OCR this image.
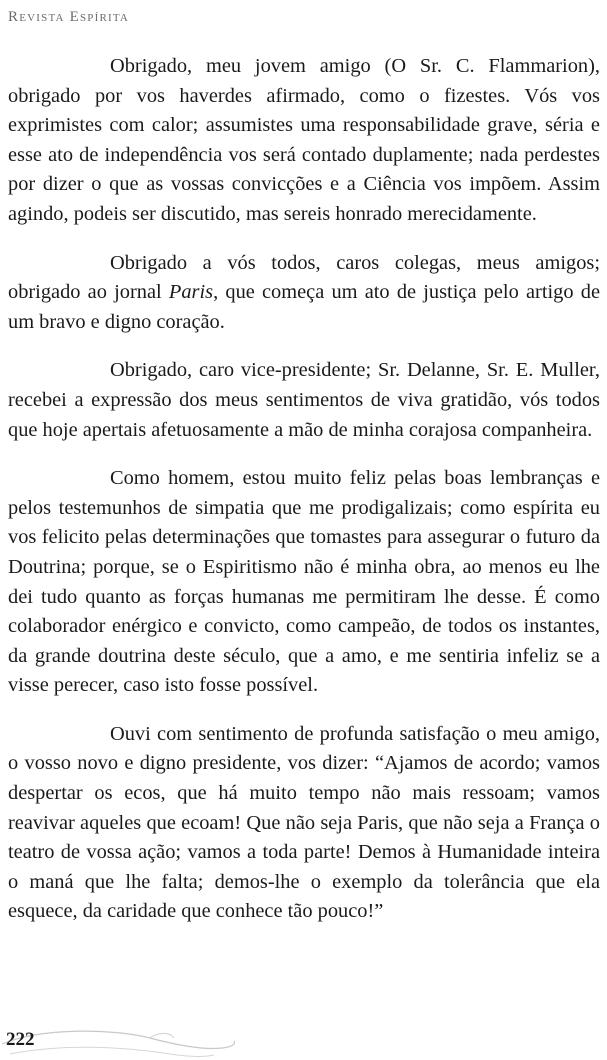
Revista Espírita

Obrigado, meu jovem amigo (O Sr. C. Flammarion), obrigado por vos haverdes afirmado, como o fizestes. Vós vos exprimistes com calor; assumistes uma responsabilidade grave, séria e esse ato de independência vos será contado duplamente; nada perdestes por dizer o que as vossas convicções e a Ciência vos impõem. Assim agindo, podeis ser discutido, mas sereis honrado merecidamente.

Obrigado a vós todos, caros colegas, meus amigos; obrigado ao jornal Paris, que começa um ato de justiça pelo artigo de um bravo e digno coração.

Obrigado, caro vice-presidente; Sr. Delanne, Sr. E. Muller, recebei a expressão dos meus sentimentos de viva gratidão, vós todos que hoje apertais afetuosamente a mão de minha corajosa companheira.

Como homem, estou muito feliz pelas boas lembranças e pelos testemunhos de simpatia que me prodigalizais; como espírita eu vos felicito pelas determinações que tomastes para assegurar o futuro da Doutrina; porque, se o Espiritismo não é minha obra, ao menos eu lhe dei tudo quanto as forças humanas me permitiram lhe desse. É como colaborador enérgico e convicto, como campeão, de todos os instantes, da grande doutrina deste século, que a amo, e me sentiria infeliz se a visse perecer, caso isto fosse possível.

Ouvi com sentimento de profunda satisfação o meu amigo, o vosso novo e digno presidente, vos dizer: “Ajamos de acordo; vamos despertar os ecos, que há muito tempo não mais ressoam; vamos reavivar aqueles que ecoam! Que não seja Paris, que não seja a França o teatro de vossa ação; vamos a toda parte! Demos à Humanidade inteira o maná que lhe falta; demos-lhe o exemplo da tolerância que ela esquece, da caridade que conhece tão pouco!”

222
